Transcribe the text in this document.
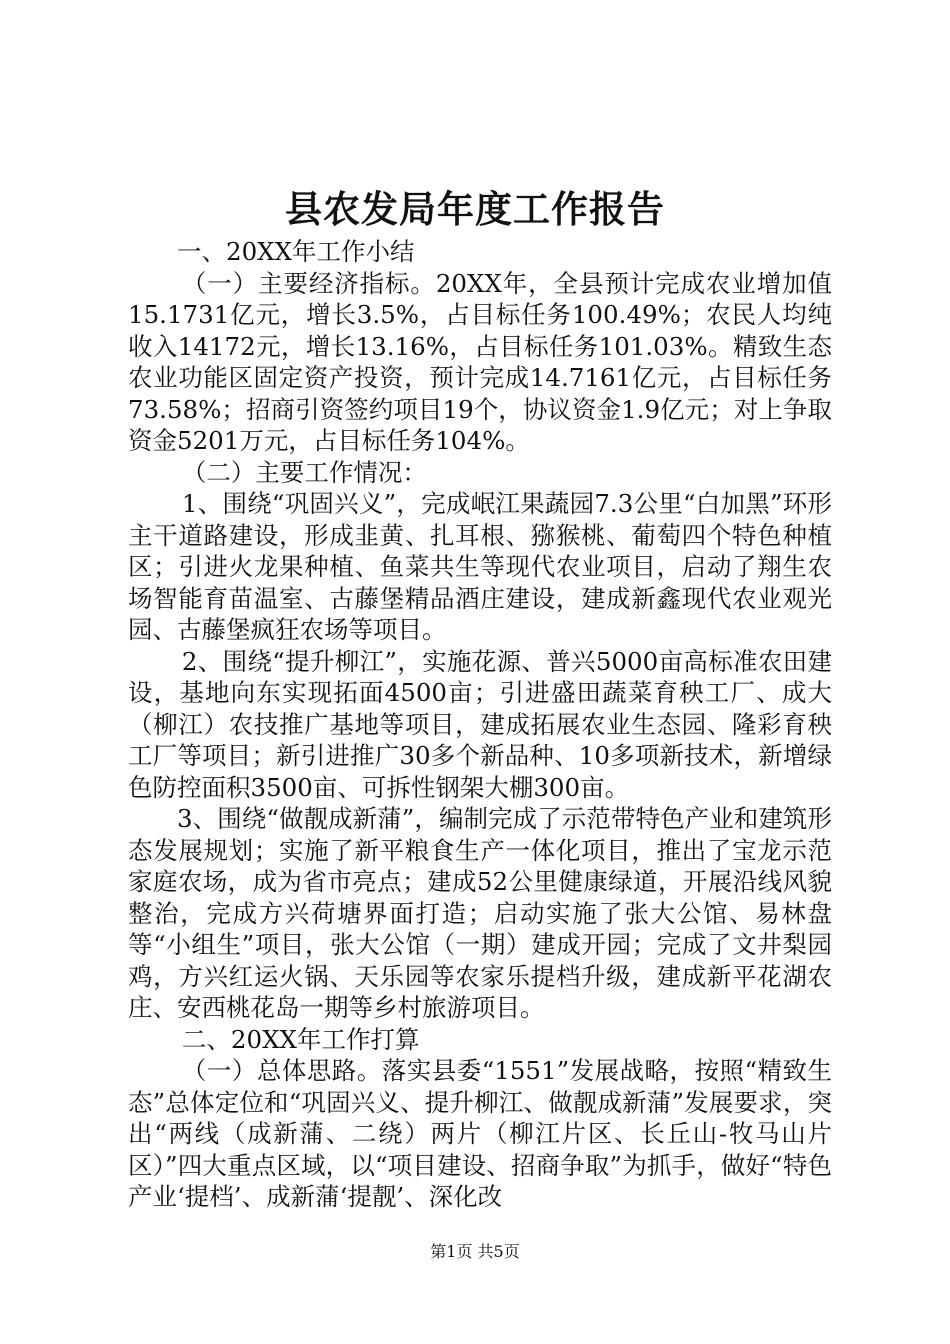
县农发局年度工作报告

一、20XX年工作小结

（一）主要经济指标。20XX年，全县预计完成农业增加值15.1731亿元，增长3.5%，占目标任务100.49%；农民人均纯收入14172元，增长13.16%，占目标任务101.03%。精致生态农业功能区固定资产投资，预计完成14.7161亿元，占目标任务73.58%；招商引资签约项目19个，协议资金1.9亿元；对上争取资金5201万元，占目标任务104%。

（二）主要工作情况：

1、围绕“巩固兴义”，完成岷江果蔬园7.3公里“白加黑”环形主干道路建设，形成韭黄、扎耳根、猕猴桃、葡萄四个特色种植区；引进火龙果种植、鱼菜共生等现代农业项目，启动了翔生农场智能育苗温室、古藤堡精品酒庄建设，建成新鑫现代农业观光园、古藤堡疯狂农场等项目。

2、围绕“提升柳江”，实施花源、普兴5000亩高标准农田建设，基地向东实现拓面4500亩；引进盛田蔬菜育秧工厂、成大（柳江）农技推广基地等项目，建成拓展农业生态园、隆彩育秧工厂等项目；新引进推广30多个新品种、10多项新技术，新增绿色防控面积3500亩、可拆性钢架大棚300亩。

3、围绕“做靓成新蒲”，编制完成了示范带特色产业和建筑形态发展规划；实施了新平粮食生产一体化项目，推出了宝龙示范家庭农场，成为省市亮点；建成52公里健康绿道，开展沿线风貌整治，完成方兴荷塘界面打造；启动实施了张大公馆、易林盘等“小组生”项目，张大公馆（一期）建成开园；完成了文井梨园鸡，方兴红运火锅、天乐园等农家乐提档升级，建成新平花湖农庄、安西桃花岛一期等乡村旅游项目。

二、20XX年工作打算

（一）总体思路。落实县委“1551”发展战略，按照“精致生态”总体定位和“巩固兴义、提升柳江、做靓成新蒲”发展要求，突出“两线（成新蒲、二绕）两片（柳江片区、长丘山-牧马山片区）”四大重点区域，以“项目建设、招商争取”为抓手，做好“特色产业‘提档’、成新蒲‘提靓’、深化改

第1页 共5页
